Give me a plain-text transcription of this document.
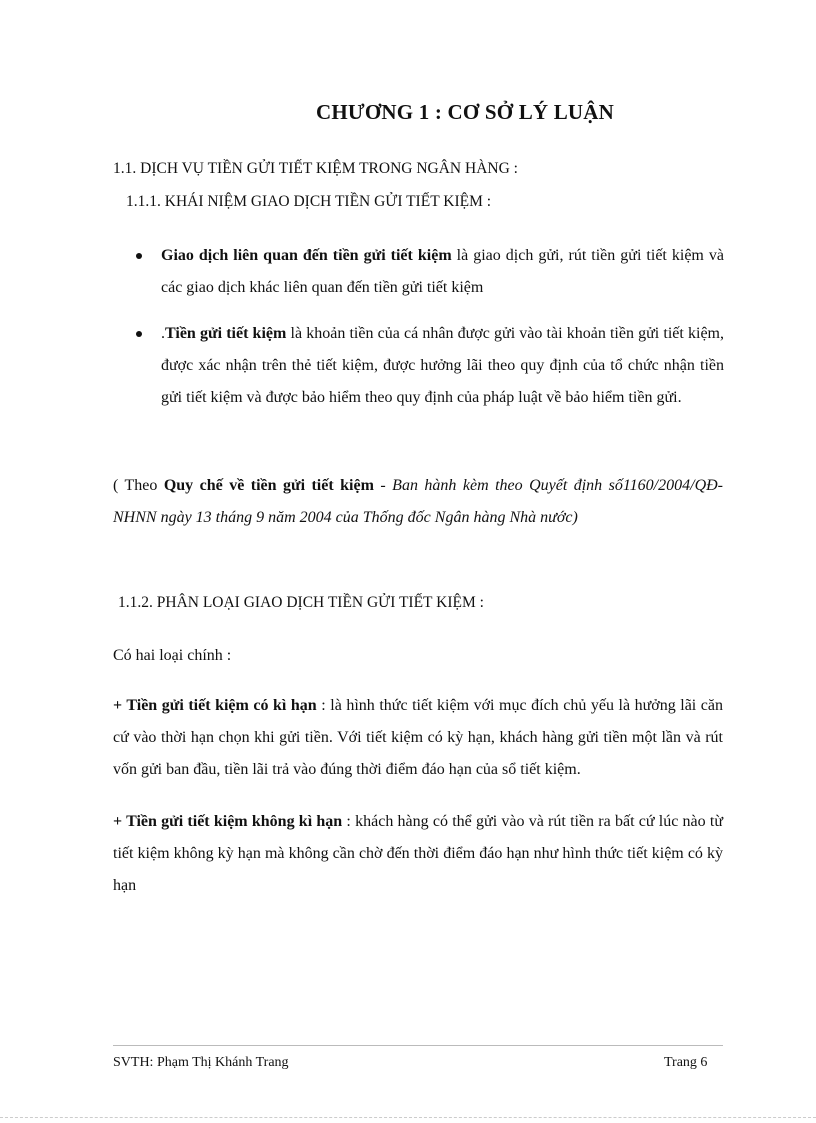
CHƯƠNG 1 : CƠ SỞ LÝ LUẬN
1.1. DỊCH VỤ TIỀN GỬI TIẾT KIỆM TRONG NGÂN HÀNG :
1.1.1. KHÁI NIỆM GIAO DỊCH TIỀN GỬI TIẾT KIỆM :
Giao dịch liên quan đến tiền gửi tiết kiệm là giao dịch gửi, rút tiền gửi tiết kiệm và các giao dịch khác liên quan đến tiền gửi tiết kiệm
.Tiền gửi tiết kiệm là khoản tiền của cá nhân được gửi vào tài khoản tiền gửi tiết kiệm, được xác nhận trên thẻ tiết kiệm, được hưởng lãi theo quy định của tổ chức nhận tiền gửi tiết kiệm và được bảo hiểm theo quy định của pháp luật về bảo hiểm tiền gửi.

( Theo Quy chế về tiền gửi tiết kiệm - Ban hành kèm theo Quyết định số1160/2004/QĐ-NHNN ngày 13 tháng 9 năm 2004 của Thống đốc Ngân hàng Nhà nước)

1.1.2. PHÂN LOẠI GIAO DỊCH TIỀN GỬI TIẾT KIỆM :

Có hai loại chính :

+ Tiền gửi tiết kiệm có kì hạn : là hình thức tiết kiệm với mục đích chủ yếu là hưởng lãi căn cứ vào thời hạn chọn khi gửi tiền. Với tiết kiệm có kỳ hạn, khách hàng gửi tiền một lần và rút vốn gửi ban đầu, tiền lãi trả vào đúng thời điểm đáo hạn của sổ tiết kiệm.

+ Tiền gửi tiết kiệm không kì hạn : khách hàng có thể gửi vào và rút tiền ra bất cứ lúc nào từ tiết kiệm không kỳ hạn mà không cần chờ đến thời điểm đáo hạn như hình thức tiết kiệm có kỳ hạn

SVTH: Phạm Thị Khánh Trang	Trang 6
